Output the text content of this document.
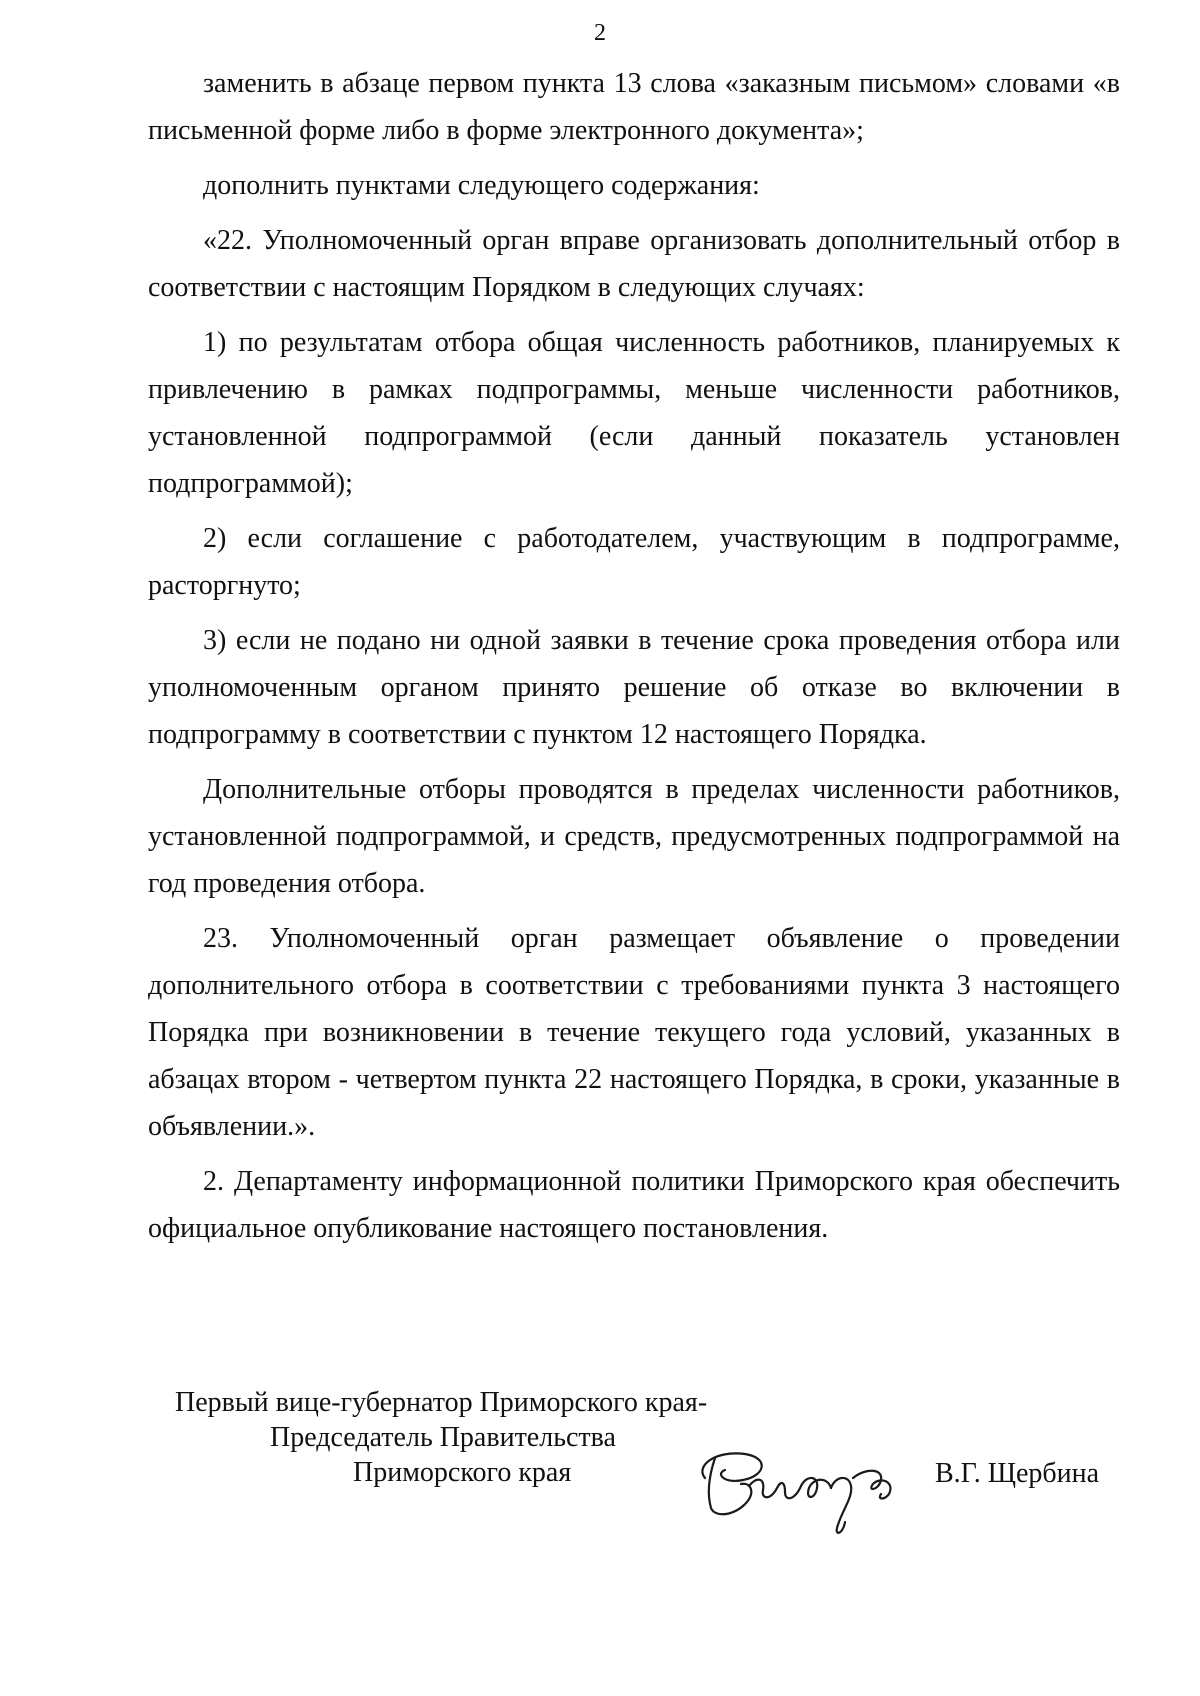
2

заменить в абзаце первом пункта 13 слова «заказным письмом» словами «в письменной форме либо в форме электронного документа»;

дополнить пунктами следующего содержания:

«22. Уполномоченный орган вправе организовать дополнительный отбор в соответствии с настоящим Порядком в следующих случаях:

1) по результатам отбора общая численность работников, планируемых к привлечению в рамках подпрограммы, меньше численности работников, установленной подпрограммой (если данный показатель установлен подпрограммой);

2) если соглашение с работодателем, участвующим в подпрограмме, расторгнуто;

3) если не подано ни одной заявки в течение срока проведения отбора или уполномоченным органом принято решение об отказе во включении в подпрограмму в соответствии с пунктом 12 настоящего Порядка.

Дополнительные отборы проводятся в пределах численности работников, установленной подпрограммой, и средств, предусмотренных подпрограммой на год проведения отбора.

23. Уполномоченный орган размещает объявление о проведении дополнительного отбора в соответствии с требованиями пункта 3 настоящего Порядка при возникновении в течение текущего года условий, указанных в абзацах втором - четвертом пункта 22 настоящего Порядка, в сроки, указанные в объявлении.».

2. Департаменту информационной политики Приморского края обеспечить официальное опубликование настоящего постановления.

Первый вице-губернатор Приморского края-
Председатель Правительства
Приморского края	В.Г. Щербина
